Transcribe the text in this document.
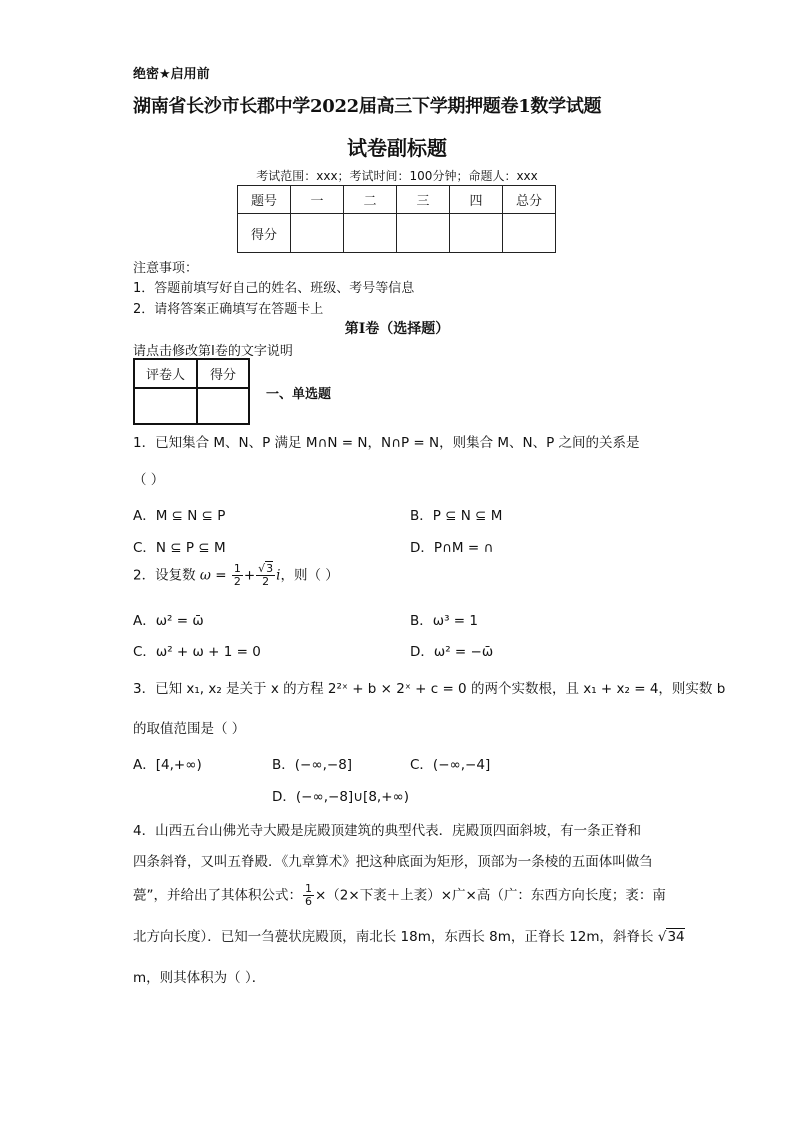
绝密★启用前
湖南省长沙市长郡中学2022届高三下学期押题卷1数学试题
试卷副标题
考试范围：xxx；考试时间：100分钟；命题人：xxx
题号	一	二	三	四	总分
得分					
注意事项：
1．答题前填写好自己的姓名、班级、考号等信息
2．请将答案正确填写在答题卡上
第I卷（选择题）
请点击修改第I卷的文字说明
评卷人	得分

一、单选题
1．已知集合 M、N、P 满足 M∩N = N，N∩P = N，则集合 M、N、P 之间的关系是
（ ）
A．M ⊆ N ⊆ P	B．P ⊆ N ⊆ M
C．N ⊆ P ⊆ M	D．P∩M = ∩
2．设复数 $\omega = \frac{1}{2} + \frac{√3}{2}$ i，则（ ）
A．ω² = ω̄	B．ω³ = 1
C．ω² + ω + 1 = 0	D．ω² = −ω̄
3．已知 x₁, x₂ 是关于 x 的方程 2²ˣ + b × 2ˣ + c = 0 的两个实数根，且 x₁ + x₂ = 4，则实数 b
的取值范围是（ ）
A．[4,+∞)	B．(−∞,−8]	C．(−∞,−4]
D．(−∞,−8]∪[8,+∞)
4．山西五台山佛光寺大殿是庑殿顶建筑的典型代表．庑殿顶四面斜坡，有一条正脊和
四条斜脊，又叫五脊殿．《九章算术》把这种底面为矩形，顶部为一条棱的五面体叫做刍
甍”，并给出了其体积公式： $\frac{1}{6} \times(2\times$下袤＋上袤）×广×高（广：东西方向长度；袤：南
北方向长度）．已知一刍甍状庑殿顶，南北长 18m，东西长 8m，正脊长 12m，斜脊长 √34
m，则其体积为（ ）．
